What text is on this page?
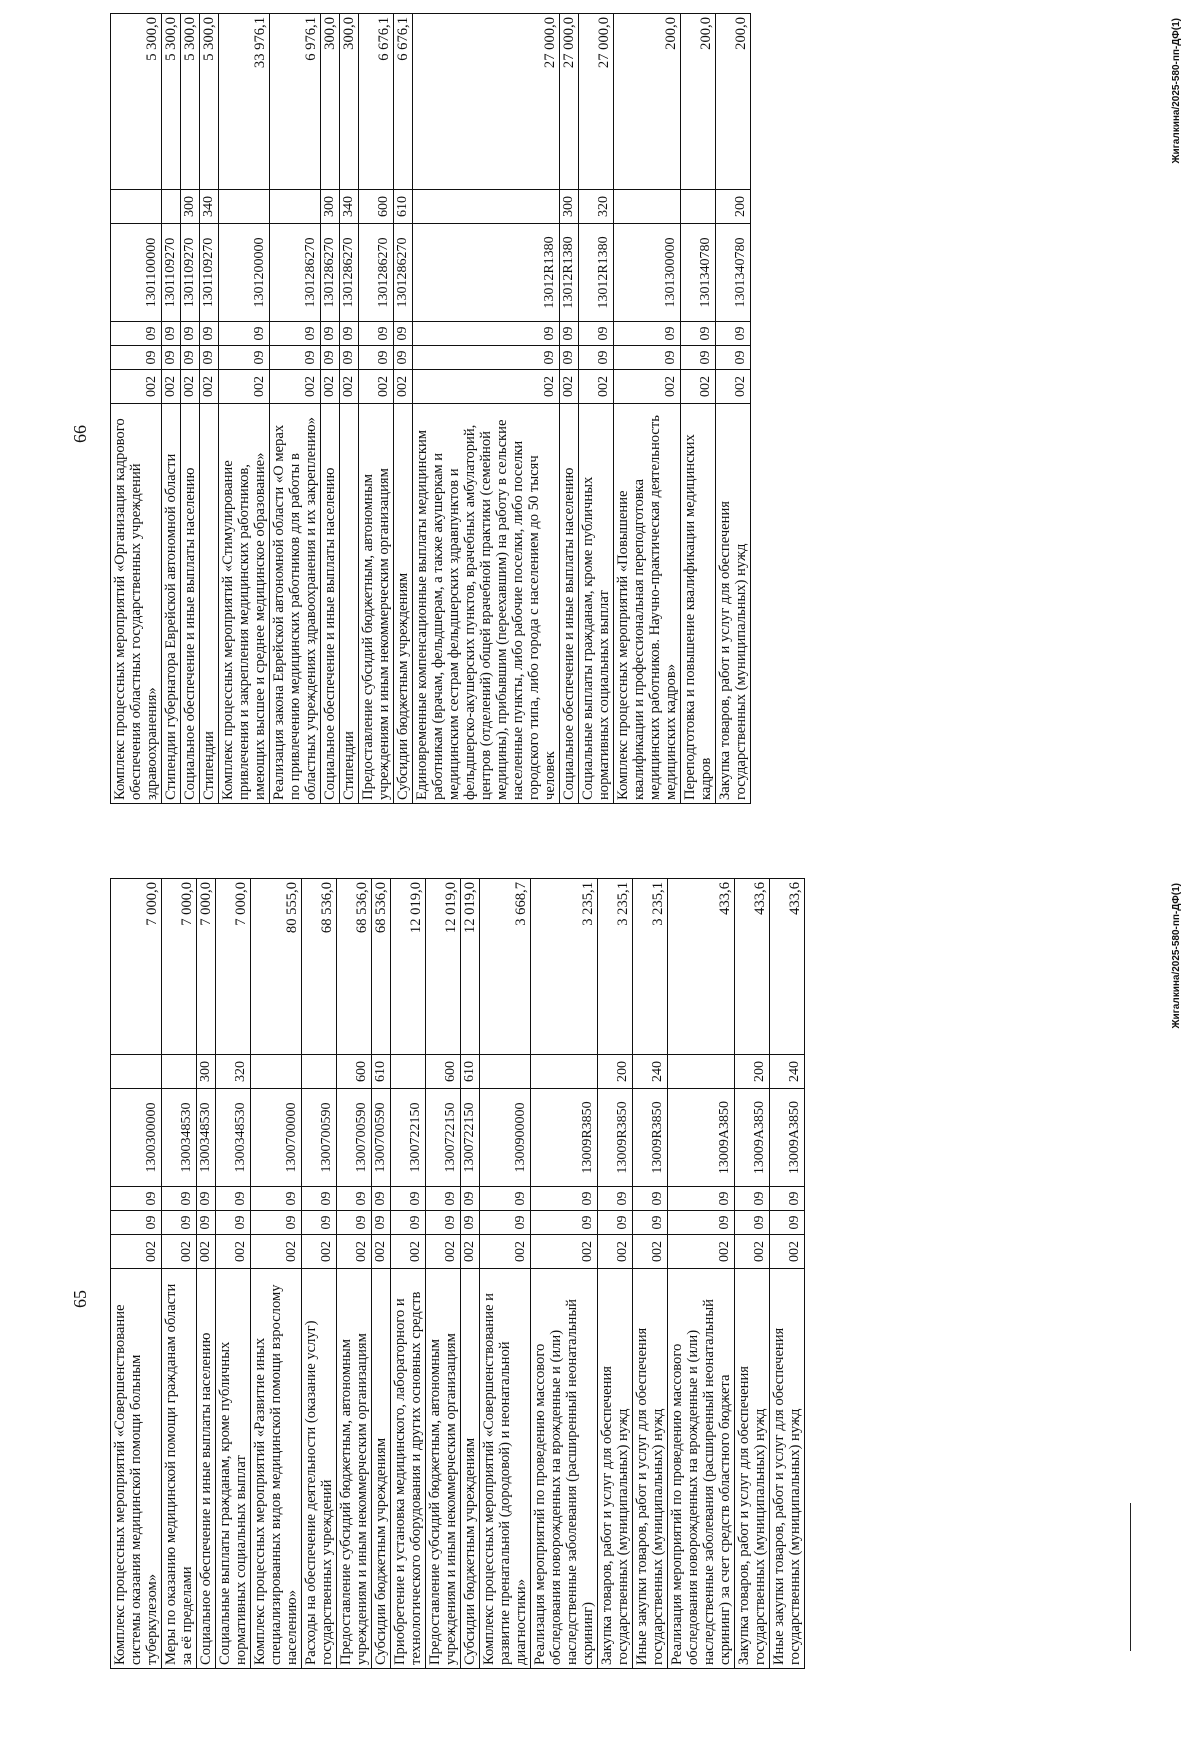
65
Комплекс процессных мероприятий «Совершенствование системы оказания медицинской помощи больным туберкулезом»	002	09	09	1300300000		7 000,0
Меры по оказанию медицинской помощи гражданам области за её пределами	002	09	09	1300348530		7 000,0
Социальное обеспечение и иные выплаты населению	002	09	09	1300348530	300	7 000,0
Социальные выплаты гражданам, кроме публичных нормативных социальных выплат	002	09	09	1300348530	320	7 000,0
Комплекс процессных мероприятий «Развитие иных специализированных видов медицинской помощи взрослому населению»	002	09	09	1300700000		80 555,0
Расходы на обеспечение деятельности (оказание услуг) государственных учреждений	002	09	09	1300700590		68 536,0
Предоставление субсидий бюджетным, автономным учреждениям и иным некоммерческим организациям	002	09	09	1300700590	600	68 536,0
Субсидии бюджетным учреждениям	002	09	09	1300700590	610	68 536,0
Приобретение и установка медицинского, лабораторного и технологического оборудования и других основных средств	002	09	09	1300722150		12 019,0
Предоставление субсидий бюджетным, автономным учреждениям и иным некоммерческим организациям	002	09	09	1300722150	600	12 019,0
Субсидии бюджетным учреждениям	002	09	09	1300722150	610	12 019,0
Комплекс процессных мероприятий «Совершенствование и развитие пренатальной (дородовой) и неонатальной диагностики»	002	09	09	1300900000		3 668,7
Реализация мероприятий по проведению массового обследования новорожденных на врожденные и (или) наследственные заболевания (расширенный неонатальный скрининг)	002	09	09	13009R3850		3 235,1
Закупка товаров, работ и услуг для обеспечения государственных (муниципальных) нужд	002	09	09	13009R3850	200	3 235,1
Иные закупки товаров, работ и услуг для обеспечения государственных (муниципальных) нужд	002	09	09	13009R3850	240	3 235,1
Реализация мероприятий по проведению массового обследования новорожденных на врожденные и (или) наследственные заболевания (расширенный неонатальный скрининг) за счет средств областного бюджета	002	09	09	13009A3850		433,6
Закупка товаров, работ и услуг для обеспечения государственных (муниципальных) нужд	002	09	09	13009A3850	200	433,6
Иные закупки товаров, работ и услуг для обеспечения государственных (муниципальных) нужд	002	09	09	13009A3850	240	433,6	Жигалкина/2025-580-пп-ДФ(1)
66 Комплекс процессных мероприятий «Организация кадрового обеспечения областных государственных учреждений здравоохранения»	002	09	09	1301100000		5 300,0
Стипендии губернатора Еврейской автономной области	002	09	09	1301109270		5 300,0
Социальное обеспечение и иные выплаты населению	002	09	09	1301109270	300	5 300,0
Стипендии	002	09	09	1301109270	340	5 300,0
Комплекс процессных мероприятий «Стимулирование привлечения и закрепления медицинских работников, имеющих высшее и среднее медицинское образование»	002	09	09	1301200000		33 976,1
Реализация закона Еврейской автономной области «О мерах по привлечению медицинских работников для работы в областных учреждениях здравоохранения и их закреплению»	002	09	09	1301286270		6 976,1
Социальное обеспечение и иные выплаты населению	002	09	09	1301286270	300	300,0
Стипендии	002	09	09	1301286270	340	300,0
Предоставление субсидий бюджетным, автономным учреждениям и иным некоммерческим организациям	002	09	09	1301286270	600	6 676,1
Субсидии бюджетным учреждениям	002	09	09	1301286270	610	6 676,1
Единовременные компенсационные выплаты медицинским работникам (врачам, фельдшерам, а также акушеркам и медицинским сестрам фельдшерских здравпунктов и фельдшерско-акушерских пунктов, врачебных амбулаторий, центров (отделений) общей врачебной практики (семейной медицины), прибывшим (переехавшим) на работу в сельские населенные пункты, либо рабочие поселки, либо поселки городского типа, либо города с населением до 50 тысяч человек	002	09	09	13012R1380		27 000,0
Социальное обеспечение и иные выплаты населению	002	09	09	13012R1380	300	27 000,0
Социальные выплаты гражданам, кроме публичных нормативных социальных выплат	002	09	09	13012R1380	320	27 000,0
Комплекс процессных мероприятий «Повышение квалификации и профессиональная переподготовка медицинских работников. Научно-практическая деятельность медицинских кадров»	002	09	09	1301300000		200,0
Переподготовка и повышение квалификации медицинских кадров	002	09	09	1301340780		200,0
Закупка товаров, работ и услуг для обеспечения государственных (муниципальных) нужд	002	09	09	1301340780	200	200,0	Жигалкина/2025-580-пп-ДФ(1)
